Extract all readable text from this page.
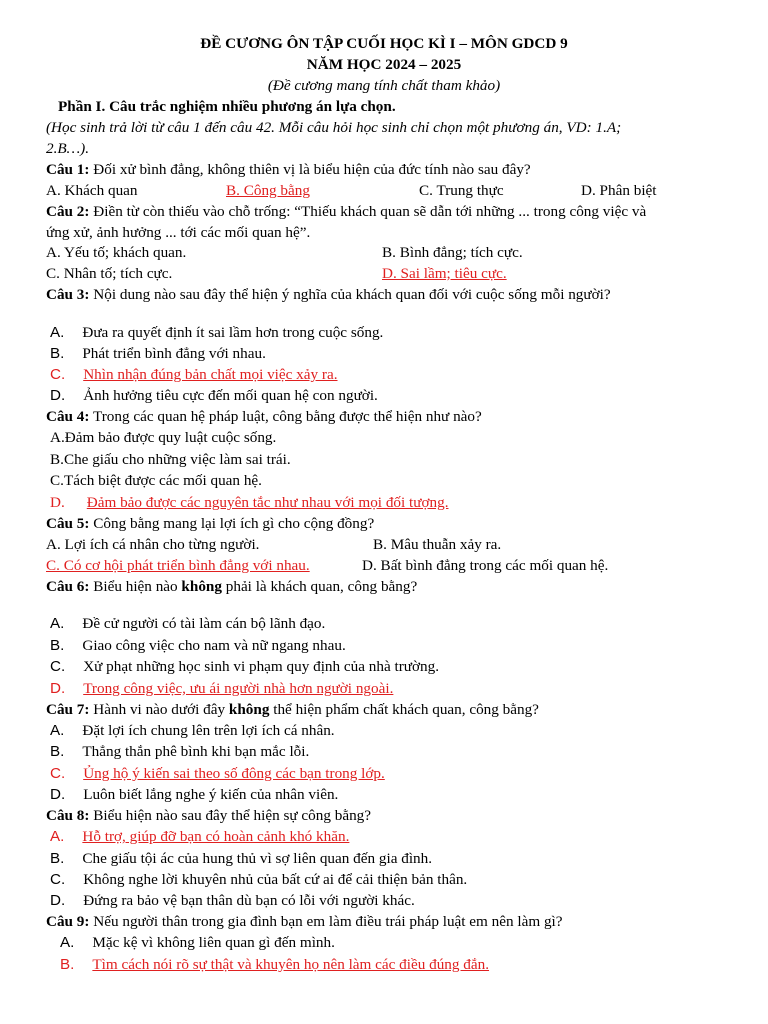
ĐỀ CƯƠNG ÔN TẬP CUỐI HỌC KÌ I – MÔN GDCD 9
NĂM HỌC 2024 – 2025
(Đề cương mang tính chất tham khảo)
Phần I. Câu trắc nghiệm nhiều phương án lựa chọn.
(Học sinh trả lời từ câu 1 đến câu 42. Mỗi câu hỏi học sinh chỉ chọn một phương án, VD: 1.A;
2.B…).
Câu 1: Đối xử bình đẳng, không thiên vị là biểu hiện của đức tính nào sau đây?
A. Khách quan	B. Công bằng	C. Trung thực	D. Phân biệt
Câu 2: Điền từ còn thiếu vào chỗ trống: “Thiếu khách quan sẽ dẫn tới những ... trong công việc và
ứng xử, ảnh hưởng ... tới các mối quan hệ”.
A. Yếu tố; khách quan.	B. Bình đẳng; tích cực.
C. Nhân tố; tích cực.	D. Sai lầm; tiêu cực.
Câu 3: Nội dung nào sau đây thể hiện ý nghĩa của khách quan đối với cuộc sống mỗi người?
A. Đưa ra quyết định ít sai lầm hơn trong cuộc sống.
B. Phát triển bình đẳng với nhau.
C. Nhìn nhận đúng bản chất mọi việc xảy ra.
D. Ảnh hưởng tiêu cực đến mối quan hệ con người.
Câu 4: Trong các quan hệ pháp luật, công bằng được thể hiện như nào?
A.Đảm bảo được quy luật cuộc sống.
B.Che giấu cho những việc làm sai trái.
C.Tách biệt được các mối quan hệ.
D. Đảm bảo được các nguyên tắc như nhau với mọi đối tượng.
Câu 5: Công bằng mang lại lợi ích gì cho cộng đồng?
A. Lợi ích cá nhân cho từng người.	B. Mâu thuẫn xảy ra.
C. Có cơ hội phát triển bình đẳng với nhau.	D. Bất bình đẳng trong các mối quan hệ.
Câu 6: Biểu hiện nào không phải là khách quan, công bằng?
A. Đề cử người có tài làm cán bộ lãnh đạo.
B. Giao công việc cho nam và nữ ngang nhau.
C. Xử phạt những học sinh vi phạm quy định của nhà trường.
D. Trong công việc, ưu ái người nhà hơn người ngoài.
Câu 7: Hành vi nào dưới đây không thể hiện phẩm chất khách quan, công bằng?
A. Đặt lợi ích chung lên trên lợi ích cá nhân.
B. Thẳng thắn phê bình khi bạn mắc lỗi.
C. Ủng hộ ý kiến sai theo số đông các bạn trong lớp.
D. Luôn biết lắng nghe ý kiến của nhân viên.
Câu 8: Biểu hiện nào sau đây thể hiện sự công bằng?
A. Hỗ trợ, giúp đỡ bạn có hoàn cảnh khó khăn.
B. Che giấu tội ác của hung thủ vì sợ liên quan đến gia đình.
C. Không nghe lời khuyên nhủ của bất cứ ai để cải thiện bản thân.
D. Đứng ra bảo vệ bạn thân dù bạn có lỗi với người khác.
Câu 9: Nếu người thân trong gia đình bạn em làm điều trái pháp luật em nên làm gì?
A. Mặc kệ vì không liên quan gì đến mình.
B. Tìm cách nói rõ sự thật và khuyên họ nên làm các điều đúng đắn.
